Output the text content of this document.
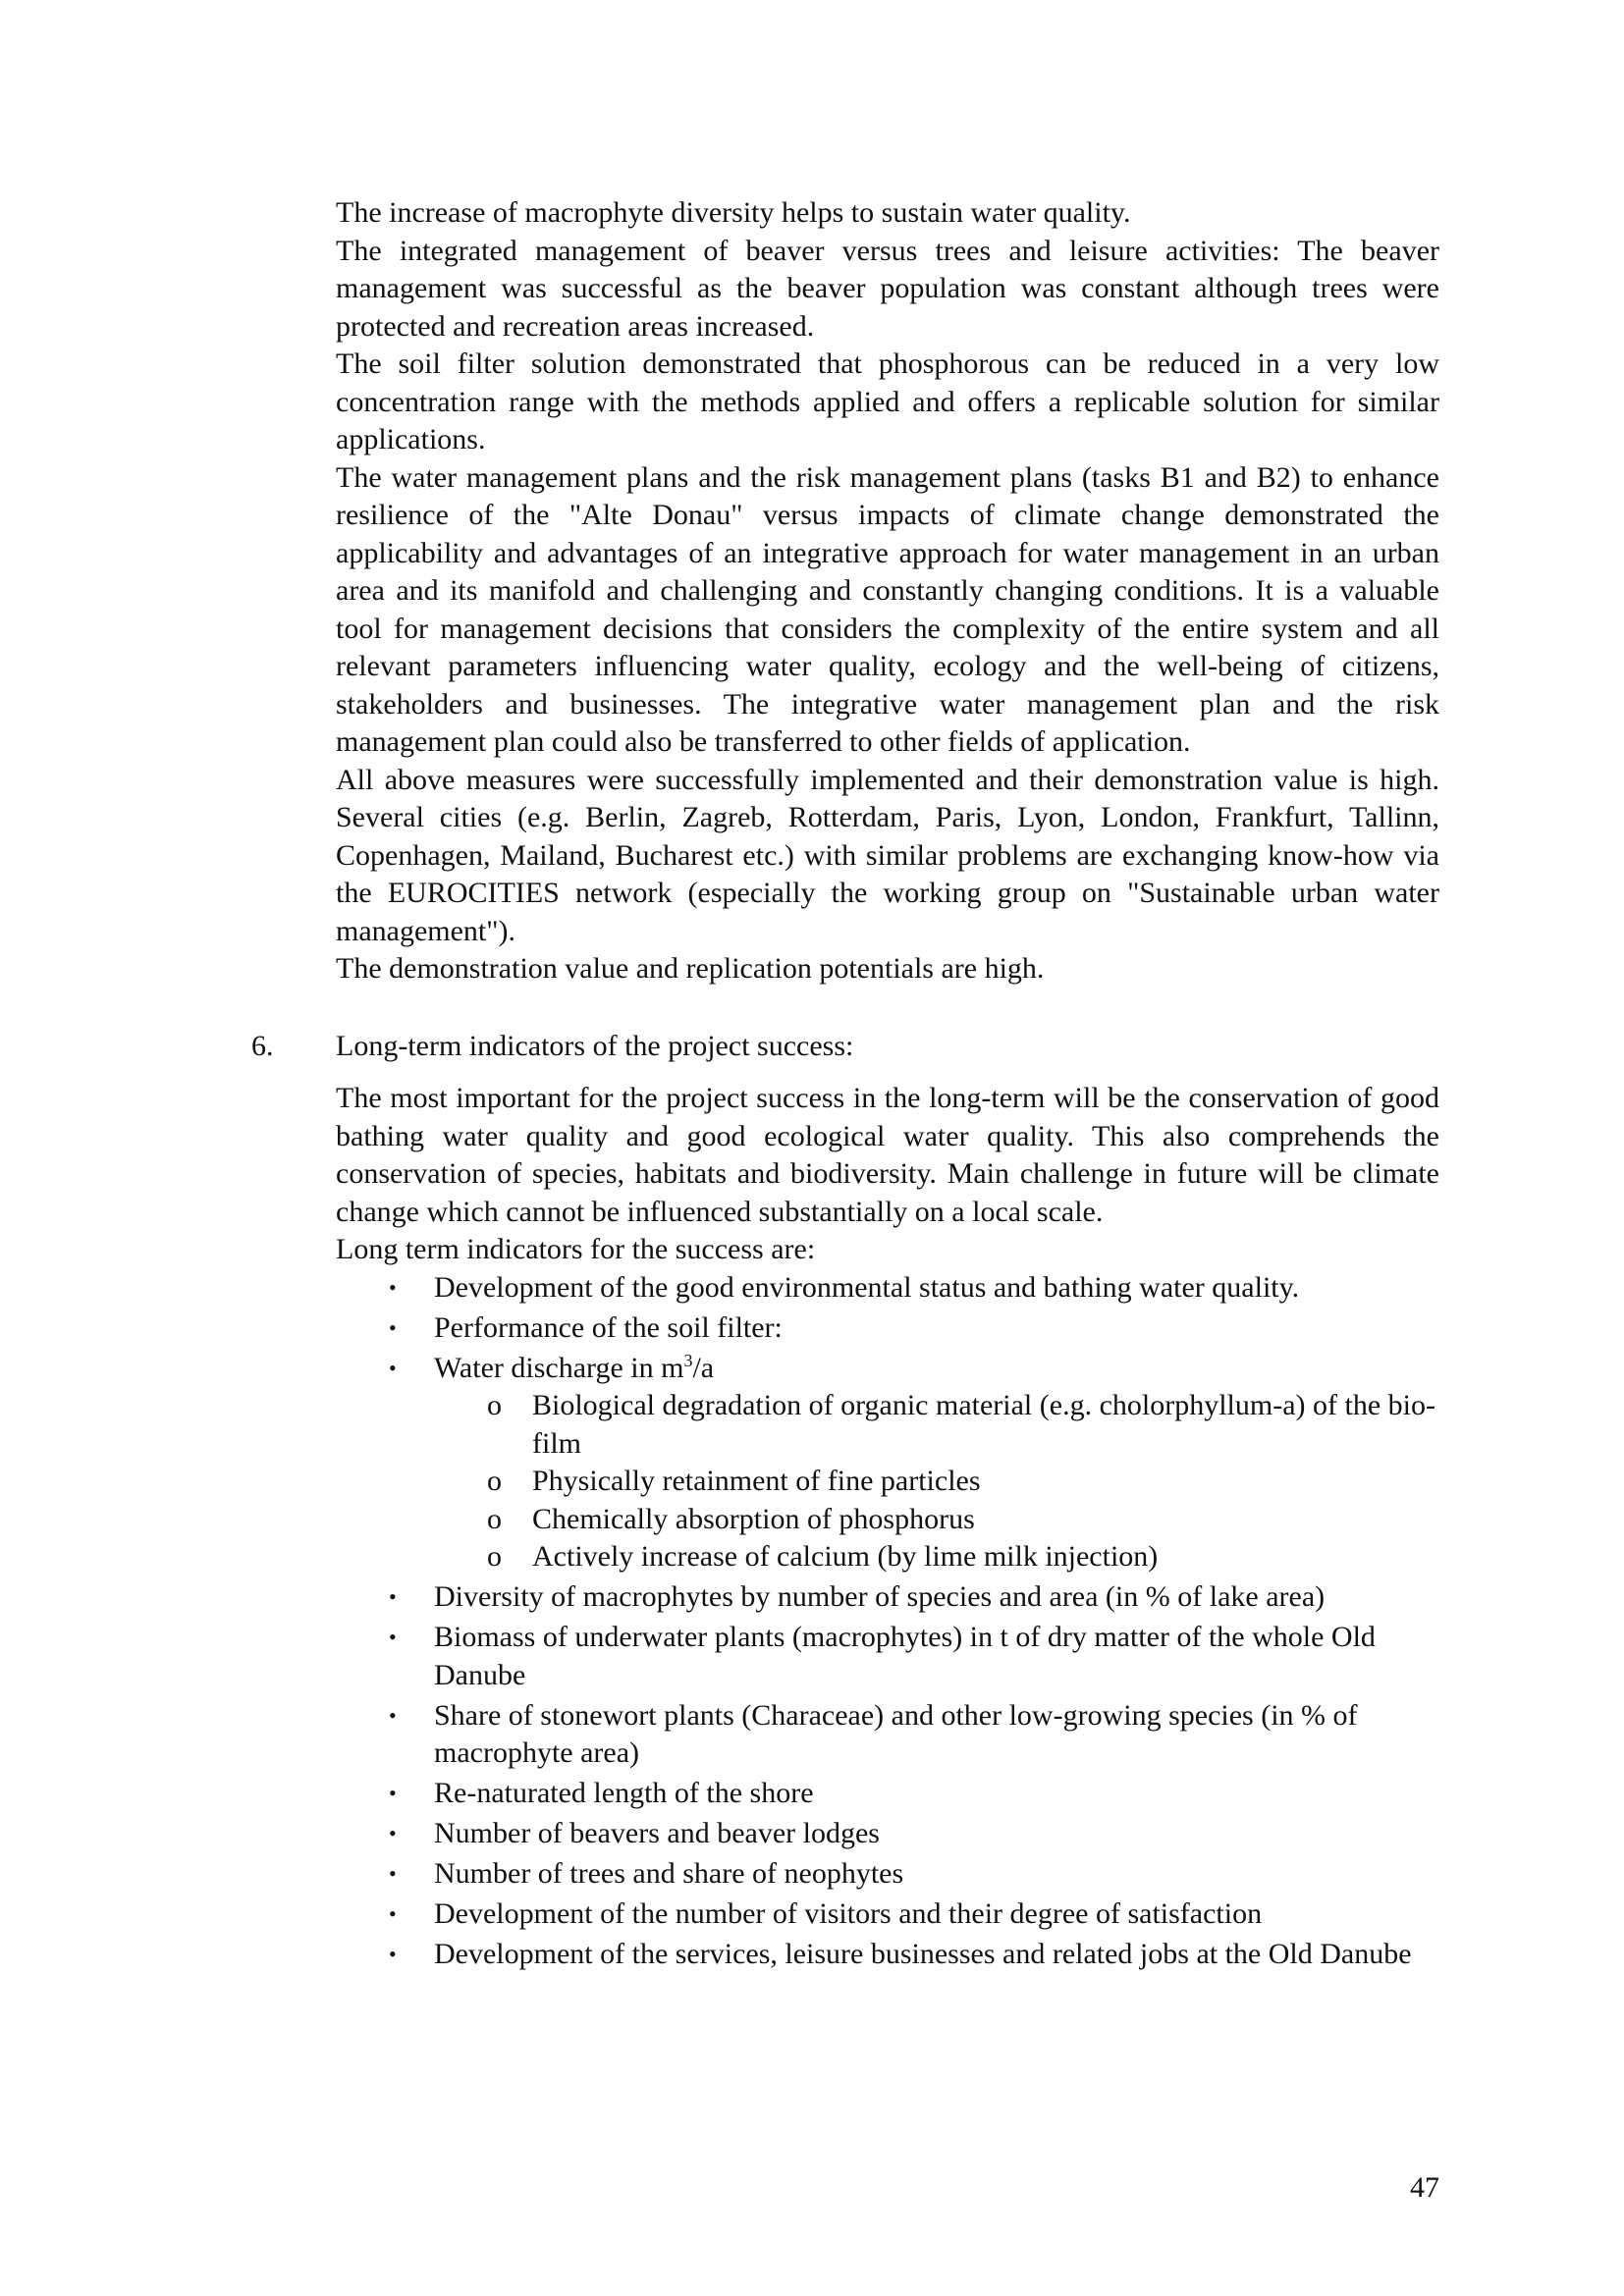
The increase of macrophyte diversity helps to sustain water quality.

The integrated management of beaver versus trees and leisure activities: The beaver management was successful as the beaver population was constant although trees were protected and recreation areas increased.

The soil filter solution demonstrated that phosphorous can be reduced in a very low concentration range with the methods applied and offers a replicable solution for similar applications.

The water management plans and the risk management plans (tasks B1 and B2) to enhance resilience of the "Alte Donau" versus impacts of climate change demonstrated the applicability and advantages of an integrative approach for water management in an urban area and its manifold and challenging and constantly changing conditions. It is a valuable tool for management decisions that considers the complexity of the entire system and all relevant parameters influencing water quality, ecology and the well-being of citizens, stakeholders and businesses. The integrative water management plan and the risk management plan could also be transferred to other fields of application.

All above measures were successfully implemented and their demonstration value is high. Several cities (e.g. Berlin, Zagreb, Rotterdam, Paris, Lyon, London, Frankfurt, Tallinn, Copenhagen, Mailand, Bucharest etc.) with similar problems are exchanging know-how via the EUROCITIES network (especially the working group on "Sustainable urban water management").

The demonstration value and replication potentials are high.

6. Long-term indicators of the project success:

The most important for the project success in the long-term will be the conservation of good bathing water quality and good ecological water quality. This also comprehends the conservation of species, habitats and biodiversity. Main challenge in future will be climate change which cannot be influenced substantially on a local scale.

Long term indicators for the success are:

• Development of the good environmental status and bathing water quality.
• Performance of the soil filter:
• Water discharge in $m^3/a$
o Biological degradation of organic material (e.g. cholorphyllum-a) of the bio-film
o Physically retainment of fine particles
o Chemically absorption of phosphorus
o Actively increase of calcium (by lime milk injection)
• Diversity of macrophytes by number of species and area (in % of lake area)
• Biomass of underwater plants (macrophytes) in t of dry matter of the whole Old Danube
• Share of stonewort plants (Characeae) and other low-growing species (in % of macrophyte area)
• Re-naturated length of the shore
• Number of beavers and beaver lodges
• Number of trees and share of neophytes
• Development of the number of visitors and their degree of satisfaction
• Development of the services, leisure businesses and related jobs at the Old Danube
47
